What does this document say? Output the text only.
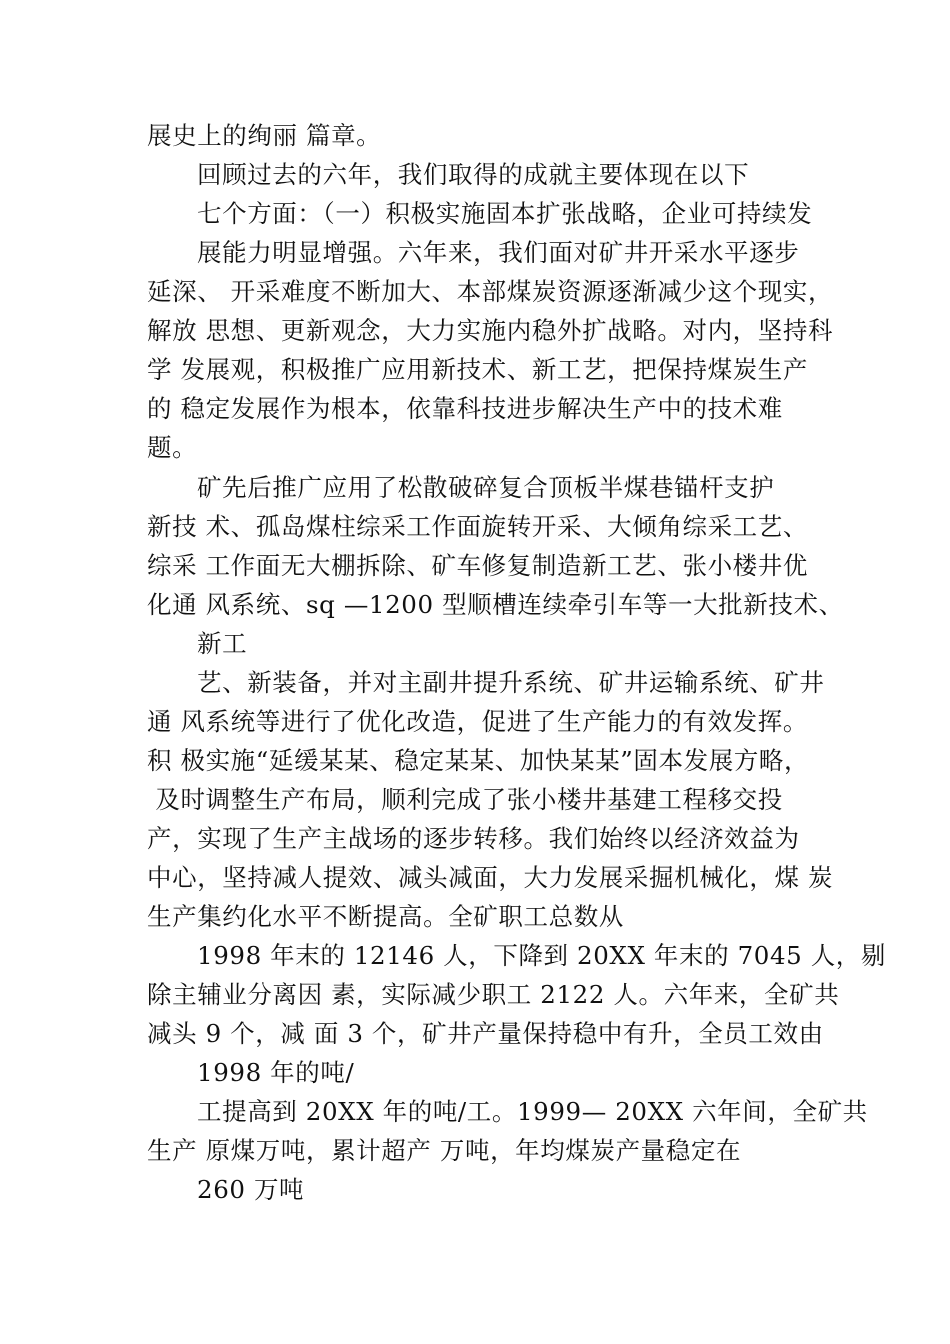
展史上的绚丽 篇章。
回顾过去的六年，我们取得的成就主要体现在以下
七个方面：（一）积极实施固本扩张战略，企业可持续发
展能力明显增强。六年来，我们面对矿井开采水平逐步
延深、 开采难度不断加大、本部煤炭资源逐渐减少这个现实，
解放 思想、更新观念，大力实施内稳外扩战略。对内，坚持科
学 发展观，积极推广应用新技术、新工艺，把保持煤炭生产
的 稳定发展作为根本，依靠科技进步解决生产中的技术难
题。
矿先后推广应用了松散破碎复合顶板半煤巷锚杆支护
新技 术、孤岛煤柱综采工作面旋转开采、大倾角综采工艺、
综采 工作面无大棚拆除、矿车修复制造新工艺、张小楼井优
化通 风系统、sq —1200 型顺槽连续牵引车等一大批新技术、
新工
艺、新装备，并对主副井提升系统、矿井运输系统、矿井
通 风系统等进行了优化改造，促进了生产能力的有效发挥。
积 极实施“延缓某某、稳定某某、加快某某”固本发展方略，
及时调整生产布局，顺利完成了张小楼井基建工程移交投
产，实现了生产主战场的逐步转移。我们始终以经济效益为
中心，坚持减人提效、减头减面，大力发展采掘机械化，煤 炭
生产集约化水平不断提高。全矿职工总数从
1998 年末的 12146 人，下降到 20XX 年末的 7045 人，剔
除主辅业分离因 素，实际减少职工 2122 人。六年来，全矿共
减头 9 个，减 面 3 个，矿井产量保持稳中有升，全员工效由
1998 年的吨/
工提高到 20XX 年的吨/工。1999— 20XX 六年间，全矿共
生产 原煤万吨，累计超产 万吨，年均煤炭产量稳定在
260 万吨
